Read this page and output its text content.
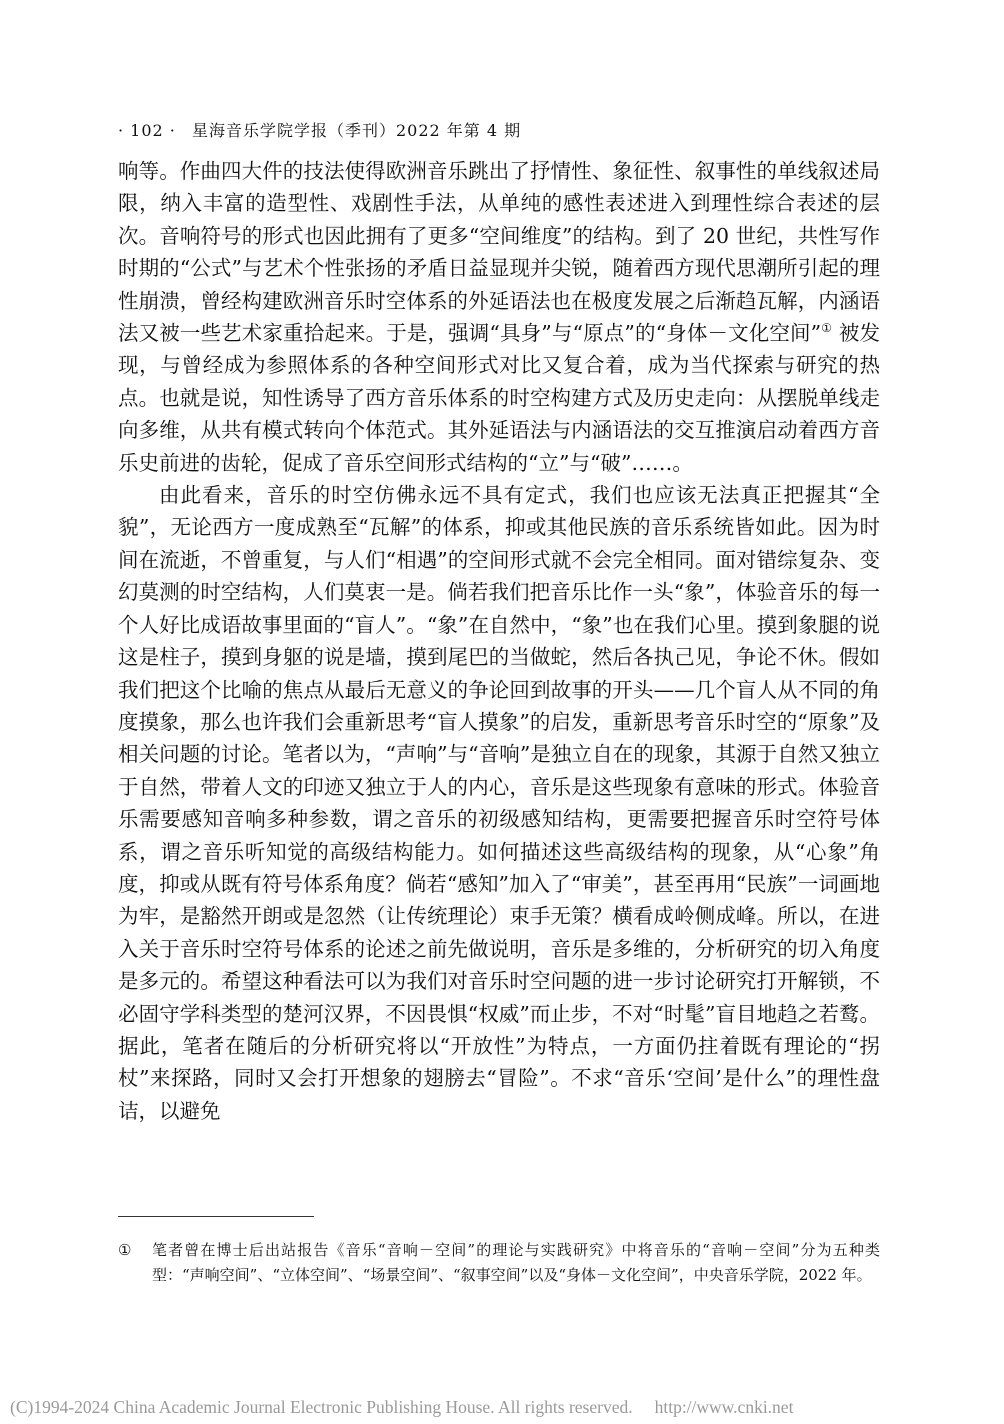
· 102 · 星海音乐学院学报（季刊）2022 年第 4 期

响等。作曲四大件的技法使得欧洲音乐跳出了抒情性、象征性、叙事性的单线叙述局限，纳入丰富的造型性、戏剧性手法，从单纯的感性表述进入到理性综合表述的层次。音响符号的形式也因此拥有了更多“空间维度”的结构。到了 20 世纪，共性写作时期的“公式”与艺术个性张扬的矛盾日益显现并尖锐，随着西方现代思潮所引起的理性崩溃，曾经构建欧洲音乐时空体系的外延语法也在极度发展之后渐趋瓦解，内涵语法又被一些艺术家重拾起来。于是，强调“具身”与“原点”的“身体－文化空间”① 被发现，与曾经成为参照体系的各种空间形式对比又复合着，成为当代探索与研究的热点。也就是说，知性诱导了西方音乐体系的时空构建方式及历史走向：从摆脱单线走向多维，从共有模式转向个体范式。其外延语法与内涵语法的交互推演启动着西方音乐史前进的齿轮，促成了音乐空间形式结构的“立”与“破”……。

由此看来，音乐的时空仿佛永远不具有定式，我们也应该无法真正把握其“全貌”，无论西方一度成熟至“瓦解”的体系，抑或其他民族的音乐系统皆如此。因为时间在流逝，不曾重复，与人们“相遇”的空间形式就不会完全相同。面对错综复杂、变幻莫测的时空结构，人们莫衷一是。倘若我们把音乐比作一头“象”，体验音乐的每一个人好比成语故事里面的“盲人”。“象”在自然中，“象”也在我们心里。摸到象腿的说这是柱子，摸到身躯的说是墙，摸到尾巴的当做蛇，然后各执己见，争论不休。假如我们把这个比喻的焦点从最后无意义的争论回到故事的开头——几个盲人从不同的角度摸象，那么也许我们会重新思考“盲人摸象”的启发，重新思考音乐时空的“原象”及相关问题的讨论。笔者以为，“声响”与“音响”是独立自在的现象，其源于自然又独立于自然，带着人文的印迹又独立于人的内心，音乐是这些现象有意味的形式。体验音乐需要感知音响多种参数，谓之音乐的初级感知结构，更需要把握音乐时空符号体系，谓之音乐听知觉的高级结构能力。如何描述这些高级结构的现象，从“心象”角度，抑或从既有符号体系角度？倘若“感知”加入了“审美”，甚至再用“民族”一词画地为牢，是豁然开朗或是忽然（让传统理论）束手无策？横看成岭侧成峰。所以，在进入关于音乐时空符号体系的论述之前先做说明，音乐是多维的，分析研究的切入角度是多元的。希望这种看法可以为我们对音乐时空问题的进一步讨论研究打开解锁，不必固守学科类型的楚河汉界，不因畏惧“权威”而止步，不对“时髦”盲目地趋之若鹜。据此，笔者在随后的分析研究将以“开放性”为特点，一方面仍拄着既有理论的“拐杖”来探路，同时又会打开想象的翅膀去“冒险”。不求“音乐‘空间’是什么”的理性盘诘，以避免

①	笔者曾在博士后出站报告《音乐“音响－空间”的理论与实践研究》中将音乐的“音响－空间”分为五种类型：“声响空间”、“立体空间”、“场景空间”、“叙事空间”以及“身体－文化空间”，中央音乐学院，2022 年。
(C)1994-2024 China Academic Journal Electronic Publishing House. All rights reserved. http://www.cnki.net
